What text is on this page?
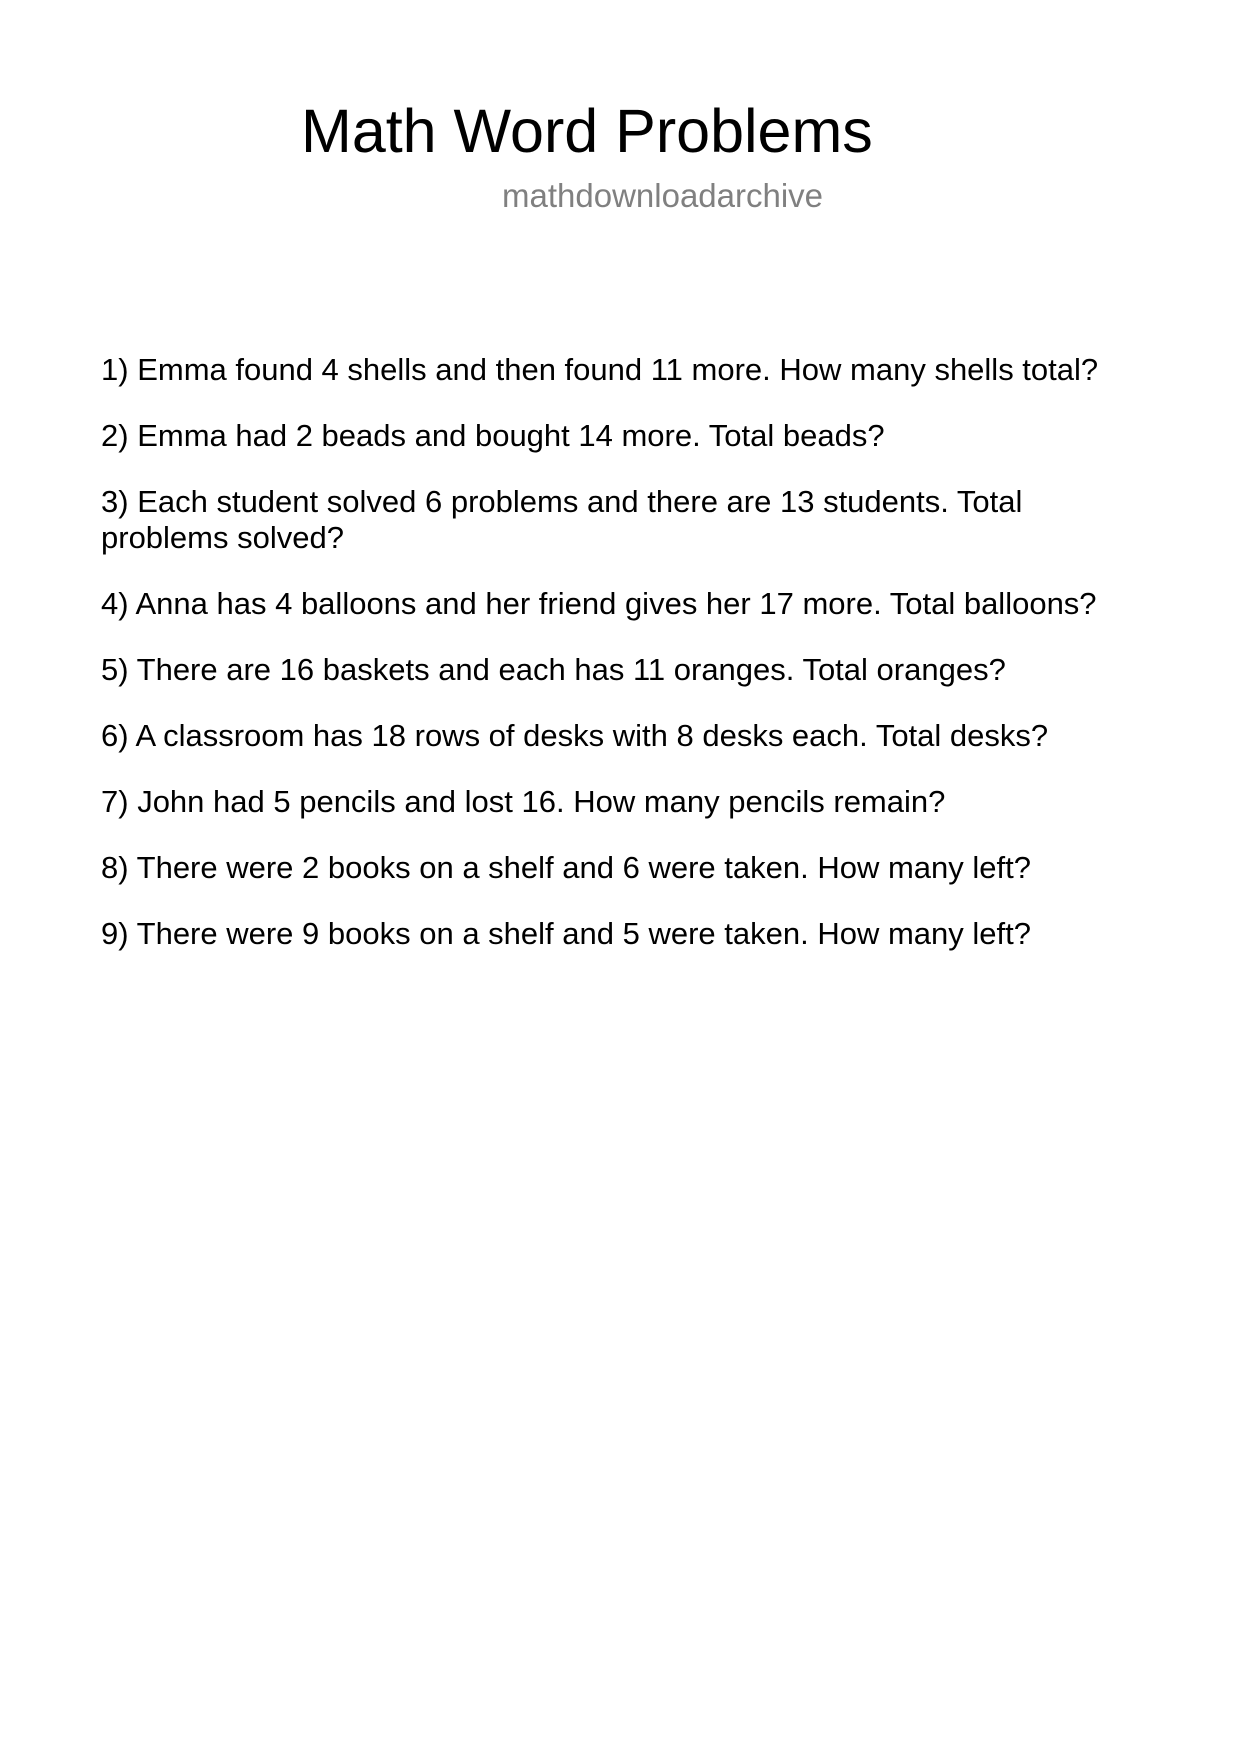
Math Word Problems
mathdownloadarchive
1 ) Emma found 4 shells and then found 11 more. How many shells total?
2 ) Emma had 2 beads and bought 14 more. Total beads?
3 ) Each student solved 6 problems and there are 13 students. Total problems solved?
4 ) Anna has 4 balloons and her friend gives her 17 more. Total balloons?
5 ) There are 16 baskets and each has 11 oranges. Total oranges?
6 ) A classroom has 18 rows of desks with 8 desks each. Total desks?
7 ) John had 5 pencils and lost 16. How many pencils remain?
8 ) There were 2 books on a shelf and 6 were taken. How many left?
9 ) There were 9 books on a shelf and 5 were taken. How many left?
